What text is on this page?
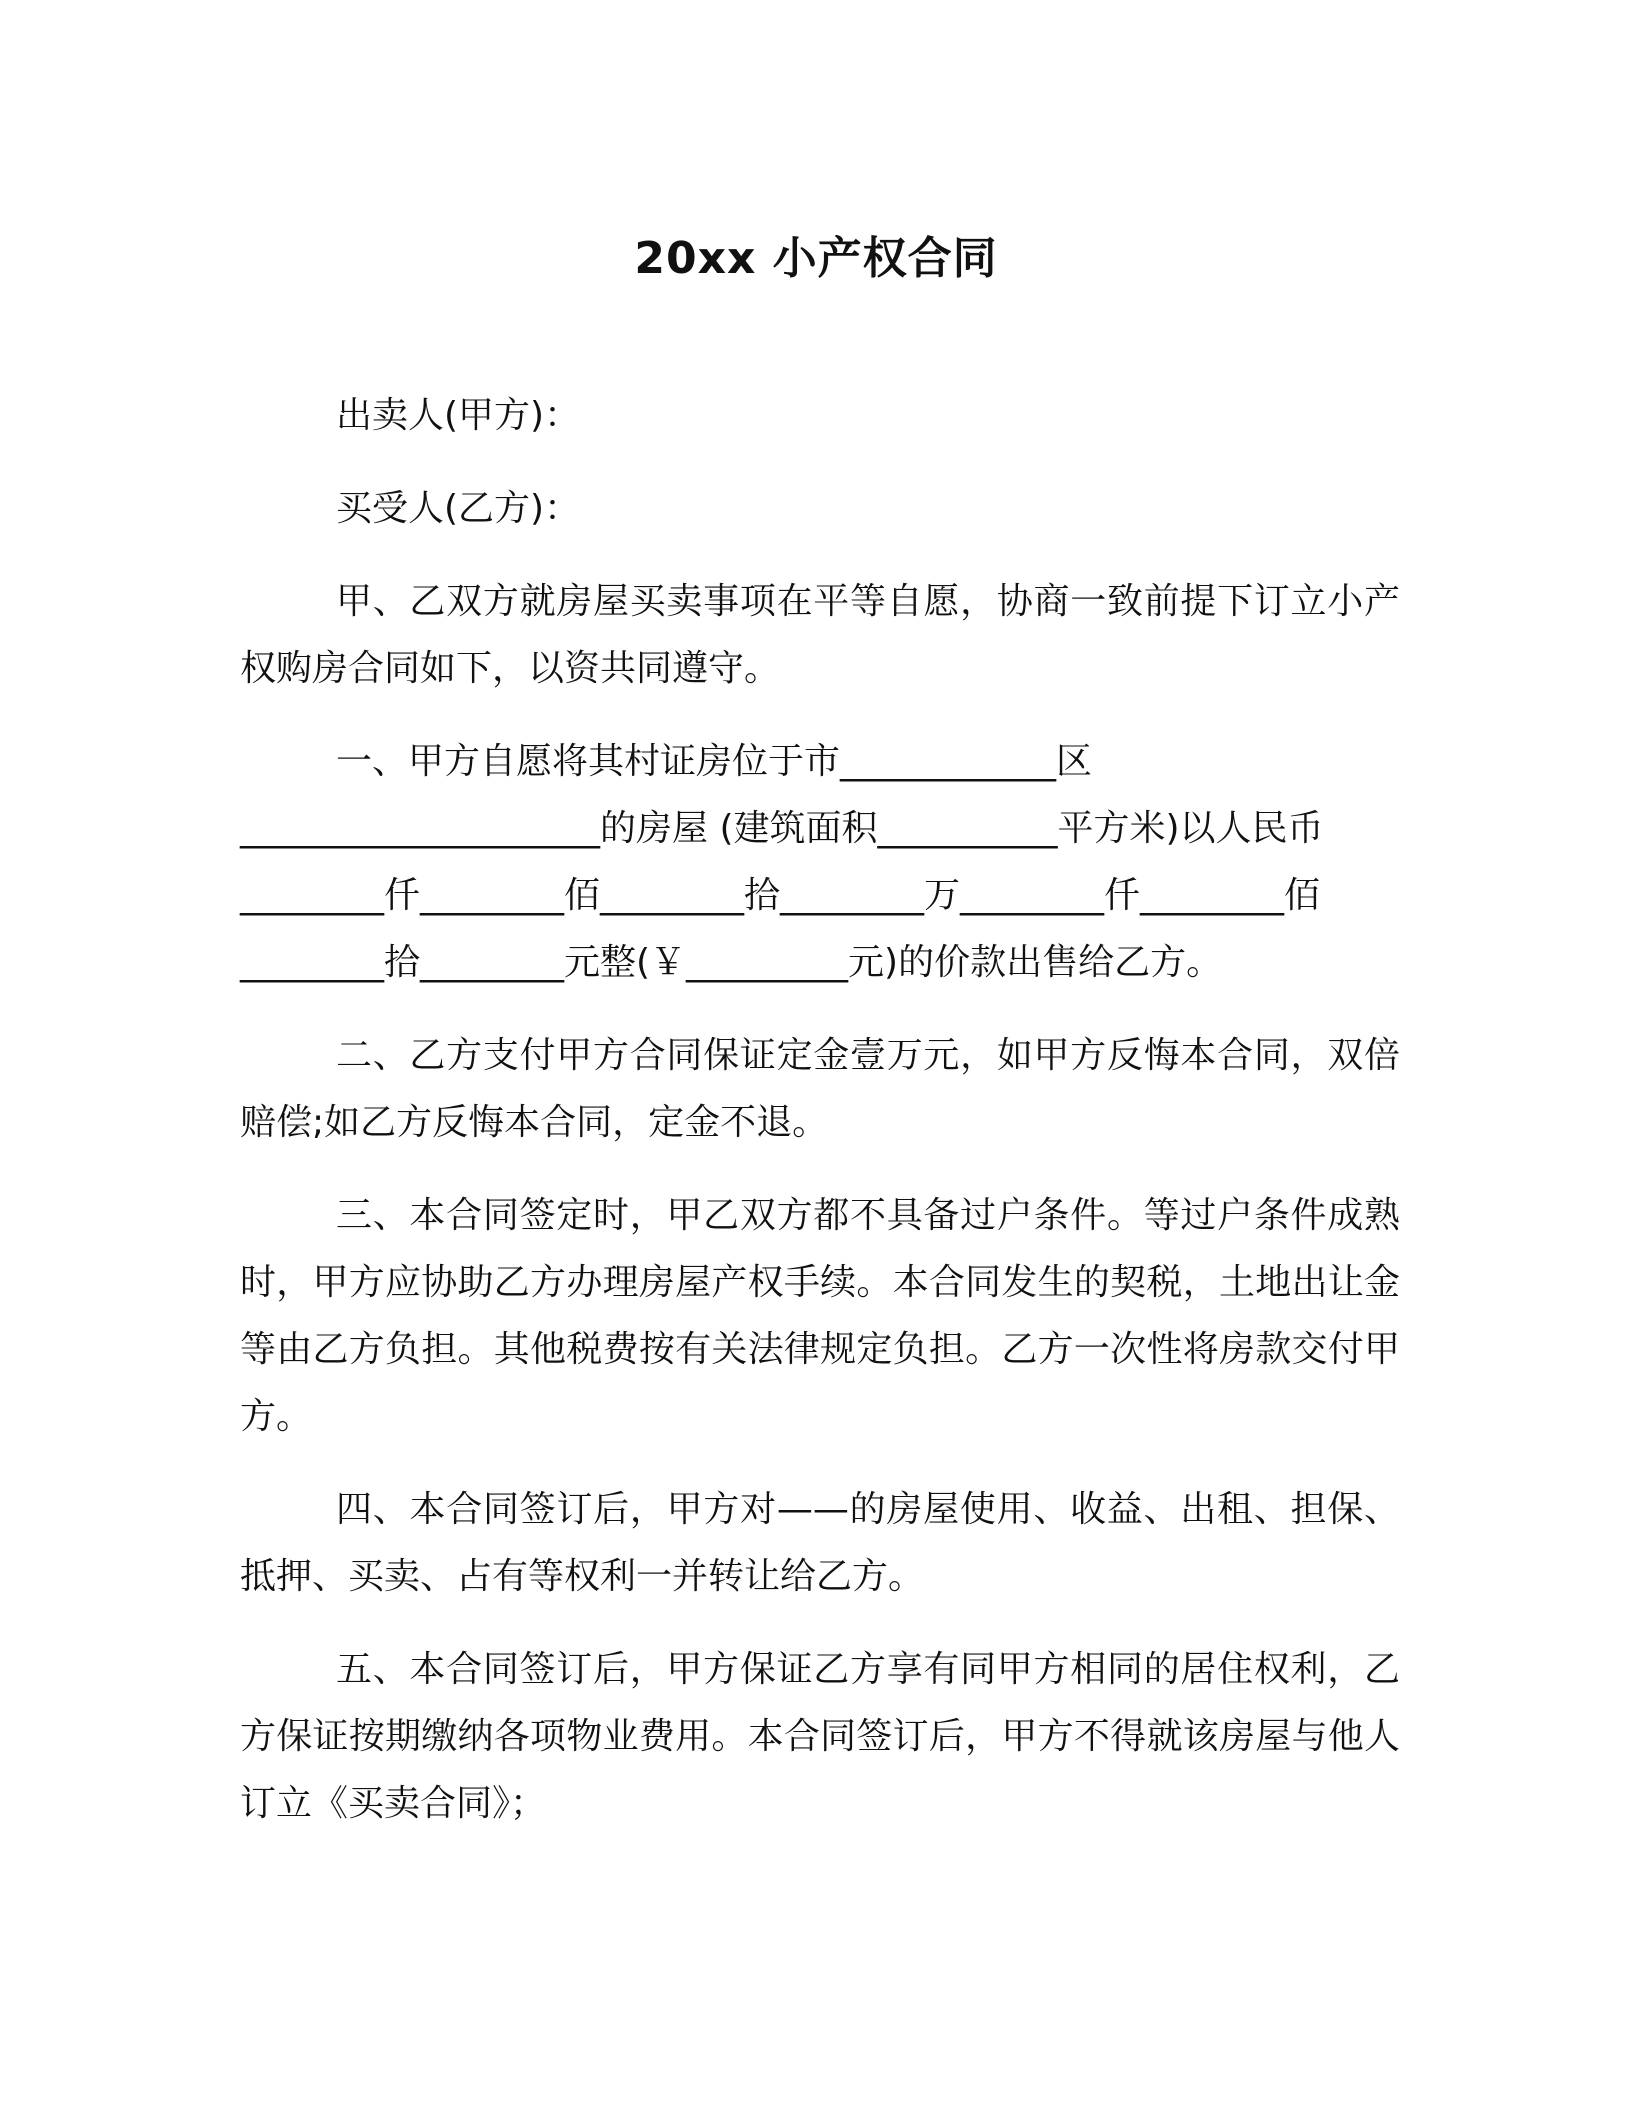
20xx 小产权合同

出卖人(甲方)：

买受人(乙方)：

甲、乙双方就房屋买卖事项在平等自愿，协商一致前提下订立小产权购房合同如下，以资共同遵守。

一、甲方自愿将其村证房位于市____________区
____________________的房屋 (建筑面积__________平方米)以人民币
________仟________佰________拾________万________仟________佰
________拾________元整(￥_________元)的价款出售给乙方。

二、乙方支付甲方合同保证定金壹万元，如甲方反悔本合同，双倍赔偿;如乙方反悔本合同，定金不退。

三、本合同签定时，甲乙双方都不具备过户条件。等过户条件成熟时，甲方应协助乙方办理房屋产权手续。本合同发生的契税，土地出让金等由乙方负担。其他税费按有关法律规定负担。乙方一次性将房款交付甲方。

四、本合同签订后，甲方对——的房屋使用、收益、出租、担保、抵押、买卖、占有等权利一并转让给乙方。

五、本合同签订后，甲方保证乙方享有同甲方相同的居住权利，乙方保证按期缴纳各项物业费用。本合同签订后，甲方不得就该房屋与他人订立《买卖合同》；
